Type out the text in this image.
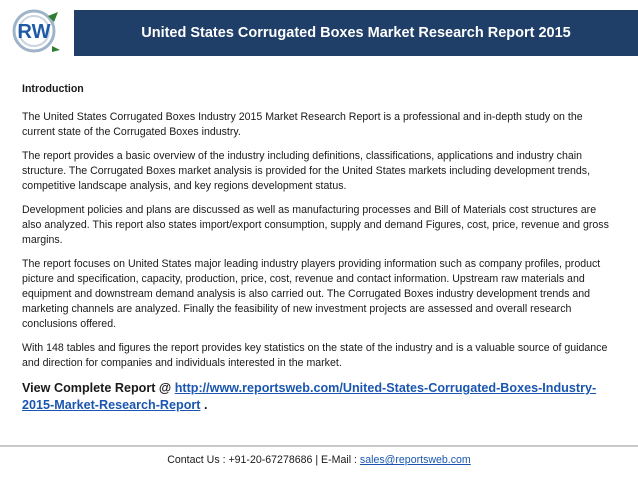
RW	United States Corrugated Boxes Market Research Report 2015

Introduction

The United States Corrugated Boxes Industry 2015 Market Research Report is a professional and in-depth study on the current state of the Corrugated Boxes industry.

The report provides a basic overview of the industry including definitions, classifications, applications and industry chain structure. The Corrugated Boxes market analysis is provided for the United States markets including development trends, competitive landscape analysis, and key regions development status.

Development policies and plans are discussed as well as manufacturing processes and Bill of Materials cost structures are also analyzed. This report also states import/export consumption, supply and demand Figures, cost, price, revenue and gross margins.

The report focuses on United States major leading industry players providing information such as company profiles, product picture and specification, capacity, production, price, cost, revenue and contact information. Upstream raw materials and equipment and downstream demand analysis is also carried out. The Corrugated Boxes industry development trends and marketing channels are analyzed. Finally the feasibility of new investment projects are assessed and overall research conclusions offered.

With 148 tables and figures the report provides key statistics on the state of the industry and is a valuable source of guidance and direction for companies and individuals interested in the market.

View Complete Report @ http://www.reportsweb.com/United-States-Corrugated-Boxes-Industry-2015-Market-Research-Report .

Contact Us : +91-20-67278686 | E-Mail : sales@reportsweb.com
